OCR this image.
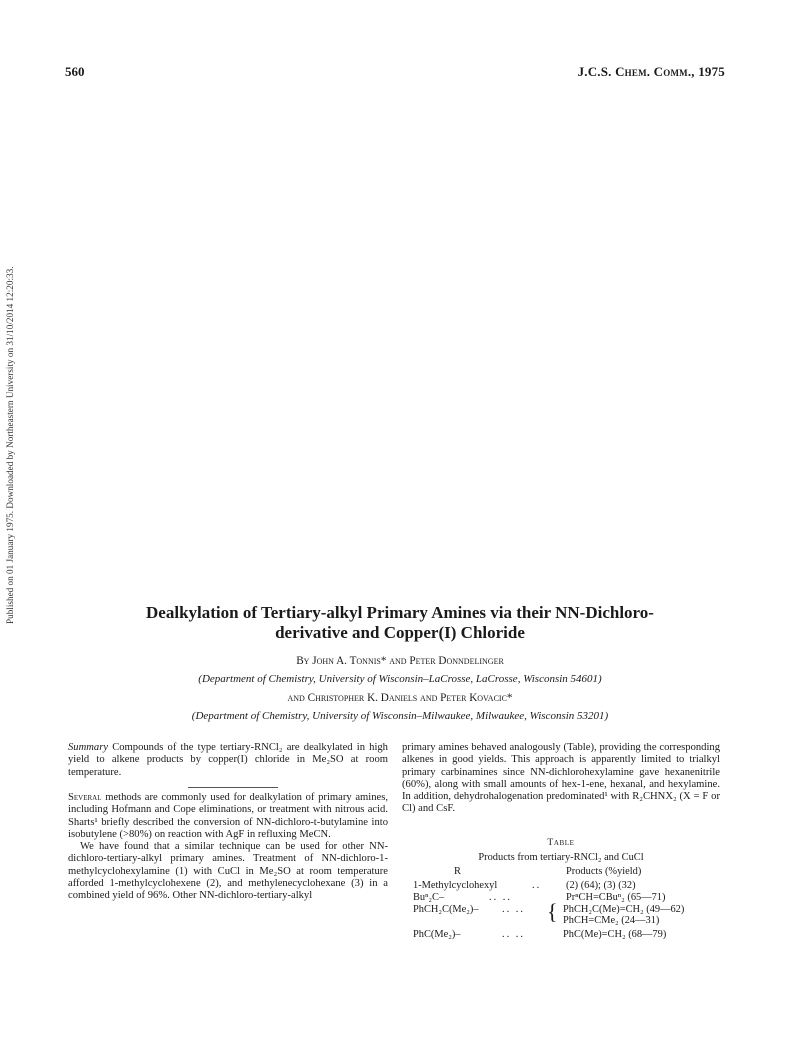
560	J.C.S. Chem. Comm., 1975
Published on 01 January 1975. Downloaded by Northeastern University on 31/10/2014 12:20:33.	Dealkylation of Tertiary-alkyl Primary Amines via their NN-Dichloro-
derivative and Copper(I) Chloride
By John A. Tonnis* and Peter Donndelinger
(Department of Chemistry, University of Wisconsin–LaCrosse, LaCrosse, Wisconsin 54601)
and Christopher K. Daniels and Peter Kovacic*
(Department of Chemistry, University of Wisconsin–Milwaukee, Milwaukee, Wisconsin 53201)

Summary Compounds of the type tertiary-RNCl₂ are dealkylated in high yield to alkene products by copper(I) chloride in Me₂SO at room temperature.

Several methods are commonly used for dealkylation of primary amines, including Hofmann and Cope eliminations, or treatment with nitrous acid. Sharts¹ briefly described the conversion of NN-dichloro-t-butylamine into isobutylene (>80%) on reaction with AgF in refluxing MeCN.

We have found that a similar technique can be used for other NN-dichloro-tertiary-alkyl primary amines. Treatment of NN-dichloro-1-methylcyclohexylamine (1) with CuCl in Me₂SO at room temperature afforded 1-methylcyclohexene (2), and methylenecyclohexane (3) in a combined yield of 96%. Other NN-dichloro-tertiary-alkyl

primary amines behaved analogously (Table), providing the corresponding alkenes in good yields. This approach is apparently limited to trialkyl primary carbinamines since NN-dichlorohexylamine gave hexanenitrile (60%), along with small amounts of hex-1-ene, hexanal, and hexylamine. In addition, dehydrohalogenation predominated¹ with R₂CHNX₂ (X = F or Cl) and CsF.

Table
Products from tertiary-RNCl₂ and CuCl
R	Products (%yield)
1-Methylcyclohexyl	.. (2) (64); (3) (32)
Buⁿ₂C–	.. ..	PrⁿCH=CBuⁿ₂ (65—71)
PhCH₂C(Me₂)– .. .. { PhCH₂C(Me)=CH₂ (49—62)
PhCH=CMe₂ (24—31)
PhC(Me₂)–	.. ..	PhC(Me)=CH₂ (68—79)
